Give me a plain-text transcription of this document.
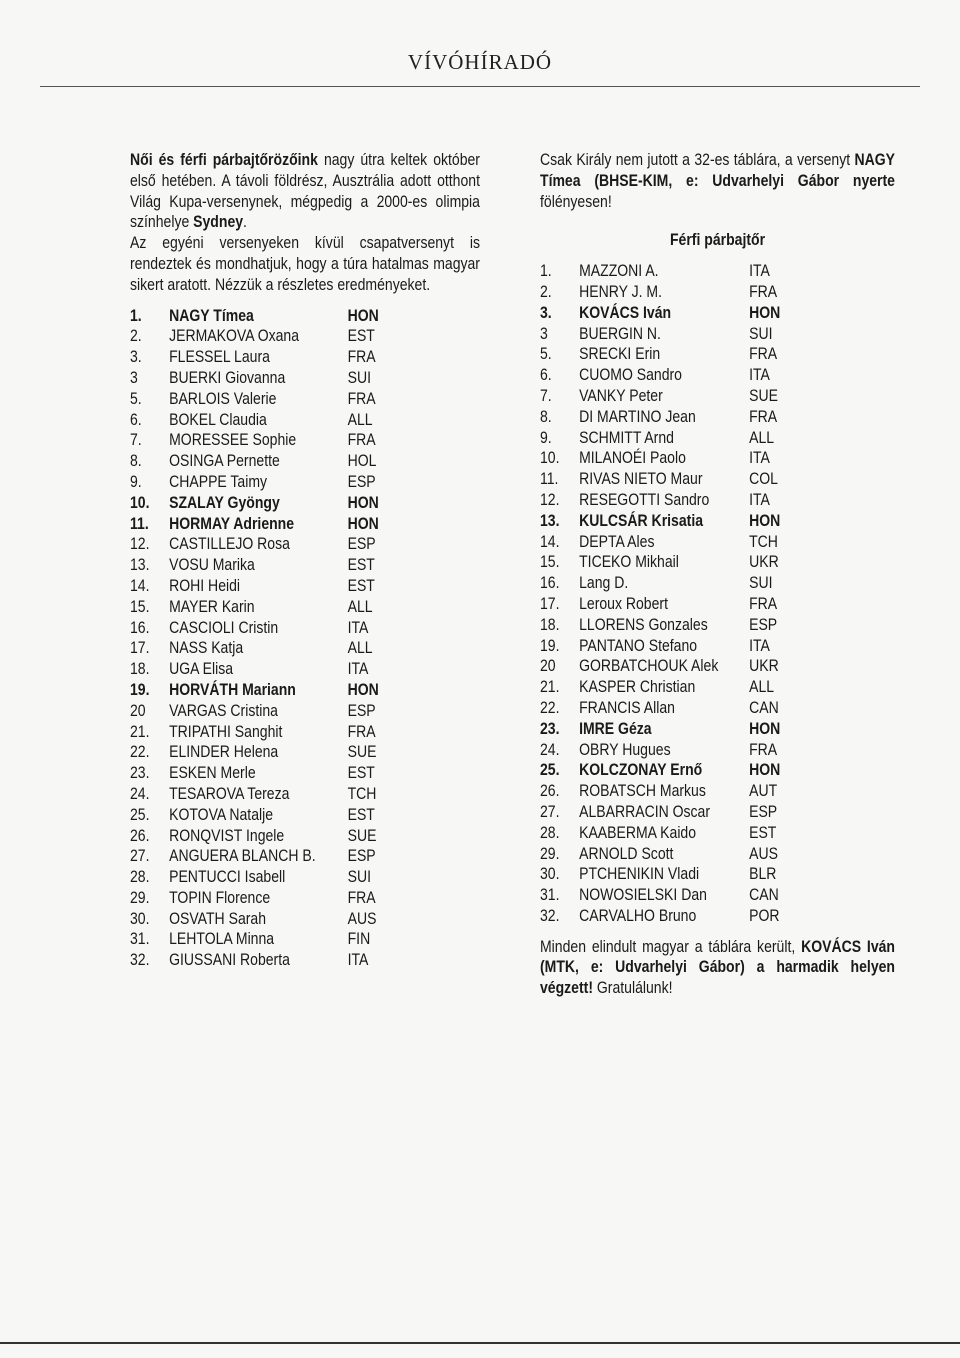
VÍVÓHÍRADÓ

Női és férfi párbajtőrözőink nagy útra keltek október első hetében. A távoli földrész, Ausztrália adott otthont Világ Kupa-versenynek, mégpedig a 2000-es olimpia színhelye Sydney.

Az egyéni versenyeken kívül csapatversenyt is rendeztek és mondhatjuk, hogy a túra hatalmas magyar sikert aratott. Nézzük a részletes eredményeket.

1.	NAGY Tímea	HON
2.	JERMAKOVA Oxana	EST
3.	FLESSEL Laura	FRA
3	BUERKI Giovanna	SUI
5.	BARLOIS Valerie	FRA
6.	BOKEL Claudia	ALL
7.	MORESSEE Sophie	FRA
8.	OSINGA Pernette	HOL
9.	CHAPPE Taimy	ESP
10.	SZALAY Gyöngy	HON
11.	HORMAY Adrienne	HON
12.	CASTILLEJO Rosa	ESP
13.	VOSU Marika	EST
14.	ROHI Heidi	EST
15.	MAYER Karin	ALL
16.	CASCIOLI Cristin	ITA
17.	NASS Katja	ALL
18.	UGA Elisa	ITA
19.	HORVÁTH Mariann	HON
20	VARGAS Cristina	ESP
21.	TRIPATHI Sanghit	FRA
22.	ELINDER Helena	SUE
23.	ESKEN Merle	EST
24.	TESAROVA Tereza	TCH
25.	KOTOVA Natalje	EST
26.	RONQVIST Ingele	SUE
27.	ANGUERA BLANCH B.	ESP
28.	PENTUCCI Isabell	SUI
29.	TOPIN Florence	FRA
30.	OSVATH Sarah	AUS
31.	LEHTOLA Minna	FIN
32.	GIUSSANI Roberta	ITA
Csak Király nem jutott a 32-es táblára, a versenyt NAGY Tímea (BHSE-KIM, e: Udvarhelyi Gábor nyerte fölényesen!
Férfi párbajtőr
1.	MAZZONI A.	ITA
2.	HENRY J. M.	FRA
3.	KOVÁCS Iván	HON
3	BUERGIN N.	SUI
5.	SRECKI Erin	FRA
6.	CUOMO Sandro	ITA
7.	VANKY Peter	SUE
8.	DI MARTINO Jean	FRA
9.	SCHMITT Arnd	ALL
10.	MILANOÉI Paolo	ITA
11.	RIVAS NIETO Maur	COL
12.	RESEGOTTI Sandro	ITA
13.	KULCSÁR Krisatia	HON
14.	DEPTA Ales	TCH
15.	TICEKO Mikhail	UKR
16.	Lang D.	SUI
17.	Leroux Robert	FRA
18.	LLORENS Gonzales	ESP
19.	PANTANO Stefano	ITA
20	GORBATCHOUK Alek	UKR
21.	KASPER Christian	ALL
22.	FRANCIS Allan	CAN
23.	IMRE Géza	HON
24.	OBRY Hugues	FRA
25.	KOLCZONAY Ernő	HON
26.	ROBATSCH Markus	AUT
27.	ALBARRACIN Oscar	ESP
28.	KAABERMA Kaido	EST
29.	ARNOLD Scott	AUS
30.	PTCHENIKIN Vladi	BLR
31.	NOWOSIELSKI Dan	CAN
32.	CARVALHO Bruno	POR
Minden elindult magyar a táblára került, KOVÁCS Iván (MTK, e: Udvarhelyi Gábor) a harmadik helyen végzett! Gratulálunk!
